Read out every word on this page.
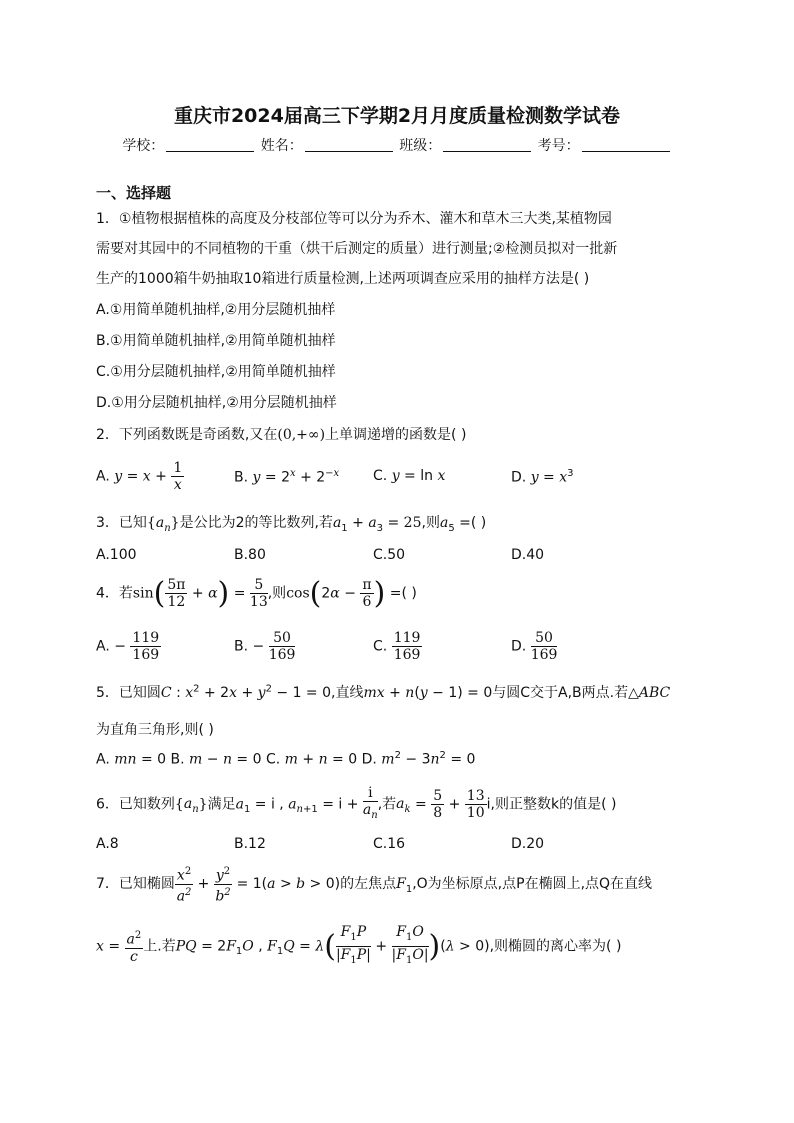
重庆市2024届高三下学期2月月度质量检测数学试卷
学校：	姓名：	班级：	考号：
一、选择题
1．①植物根据植株的高度及分枝部位等可以分为乔木、灌木和草木三大类,某植物园
需要对其园中的不同植物的干重（烘干后测定的质量）进行测量;②检测员拟对一批新
生产的1000箱牛奶抽取10箱进行质量检测,上述两项调查应采用的抽样方法是( )
A.①用简单随机抽样,②用分层随机抽样
B.①用简单随机抽样,②用简单随机抽样
C.①用分层随机抽样,②用简单随机抽样
D.①用分层随机抽样,②用分层随机抽样
2．下列函数既是奇函数,又在(0,+∞)上单调递增的函数是( )
A. $y = x + \frac{1}{x}$	B. $y = 2^x + 2^{-x}$ C. y = ln x	D. $y = x^3$
3．已知$\{a_n\}$是公比为2的等比数列,若$a_1 + a_3 = 25$,则$a_5$ =( )
A.100	B.80	C.50	D.40
4．若$\sin( \frac{5\pi}{12} + \alpha) = \frac{5}{13}$ ,则$\cos(2\alpha - \frac{\pi}{6}$ ) =( )
A. − $\frac{119}{169}$	B. − $\frac{50}{169}$	C. $\frac{119}{169}$	D. $\frac{50}{169}$
5．已知圆C : $x^2 + 2x + y^2 - 1 = 0$,直线mx + n(y − 1) = 0与圆C交于A,B两点.若△ABC
为直角三角形,则( )
A. mn = 0 B. m − n = 0 C. m + n = 0 D. $m^2 - 3n^2 = 0$
6．已知数列$\{a_n\}$满足$a_1 = i$ , $a_{n+1} = i + \frac{i}{a_n}$ ,若$a_k = \frac{5}{8} + \frac{13}{10} i$,则正整数k的值是( )
A.8	B.12	C.16	D.20
7．已知椭圆 $\frac{x^2}{a^2} + \frac{y^2}{b^2} = 1(a > b > 0)$的左焦点$F_1,O$为坐标原点,点P在椭圆上,点Q在直线
$x = \frac{a^2}{c}$ 上.若PQ = $2F_1O$ , $F_1Q = \lambda( \frac{F_1P}{|F_1P|} + \frac{F_1O}{|F_1O|} )(\lambda > 0)$,则椭圆的离心率为( )
